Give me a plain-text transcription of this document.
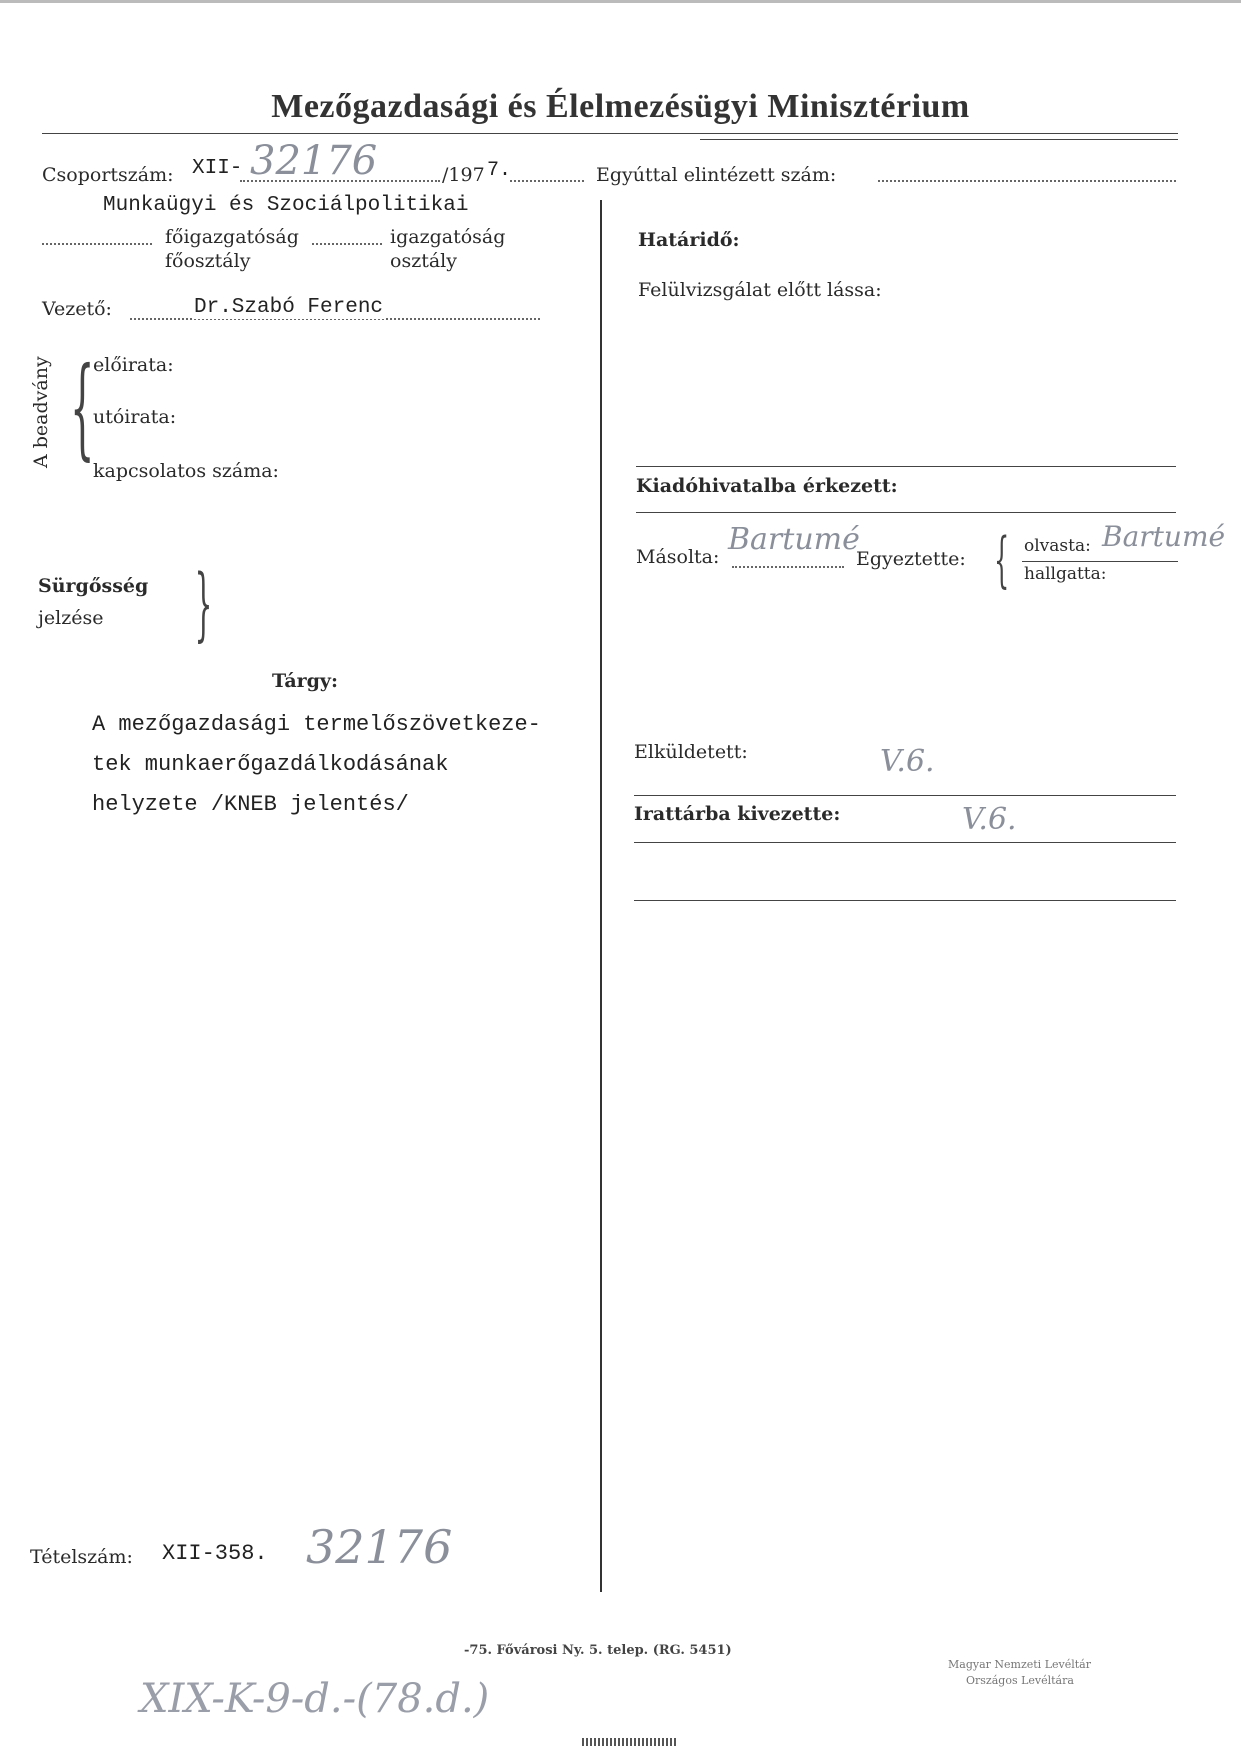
Mezőgazdasági és Élelmezésügyi Minisztérium
Csoportszám: XII- 32176	/197 7.	Egyúttal elintézett szám:
Munkaügyi és Szociálpolitikai
főigazgatóság	igazgatóság
főosztály	osztály
Vezető:	Dr.Szabó Ferenc
A beadvány {
előirata:
utóirata:
kapcsolatos száma:
Sürgősség
jelzése {
Tárgy:
A mezőgazdasági termelőszövetkeze-
tek munkaerőgazdálkodásának
helyzete /KNEB jelentés/
Tételszám: XII-358. 32176
Határidő:
Felülvizsgálat előtt lássa:
Kiadóhivatalba érkezett:
Másolta: Bartumé
Egyeztette: { olvasta: Bartumé
hallgatta:
Elküldetett:	V.6.
Irattárba kivezette:	V.6.
-75. Fővárosi Ny. 5. telep. (RG. 5451)
XIX-K-9-d.-(78.d.)
Magyar Nemzeti Levéltár
Országos Levéltára
